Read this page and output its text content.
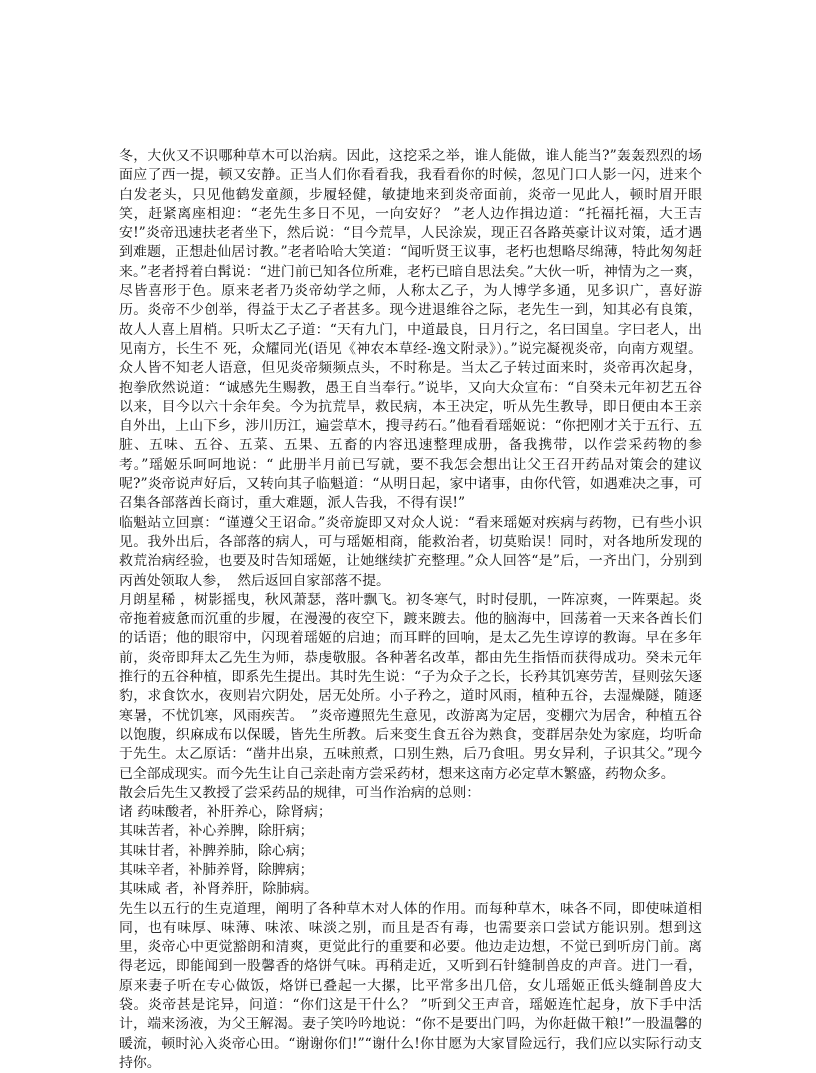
冬，大伙又不识哪种草木可以治病。因此，这挖采之举，谁人能做，谁人能当?”轰轰烈烈的场面应了西一提，顿又安静。正当人们你看看我，我看看你的时候，忽见门口人影一闪，进来个白发老头，只见他鹤发童颜，步履轻健，敏捷地来到炎帝面前，炎帝一见此人，顿时眉开眼笑，赶紧离座相迎：“老先生多日不见，一向安好？ ”老人边作揖边道：“托福托福，大王吉安!”炎帝迅速扶老者坐下，然后说：“目今荒旱，人民涂炭，现正召各路英豪计议对策，适才遇到难题，正想赴仙居讨教。”老者哈哈大笑道：“闻听贤王议事，老朽也想略尽绵薄，特此匆匆赶来。”老者捋着白髯说：“进门前已知各位所难，老朽已暗自思法矣。”大伙一听，神情为之一爽，尽皆喜形于色。原来老者乃炎帝幼学之师，人称太乙子，为人博学多通，见多识广，喜好游历。炎帝不少创举，得益于太乙子者甚多。现今进退维谷之际，老先生一到，知其必有良策，故人人喜上眉梢。只听太乙子道：“天有九门，中道最良，日月行之，名曰国皇。字曰老人，出见南方，长生不 死，众耀同光(语见《神农本草经-逸文附录》）。”说完凝视炎帝，向南方观望。众人皆不知老人语意，但见炎帝频频点头，不时称是。当太乙子转过面来时，炎帝再次起身，抱拳欣然说道：“诚感先生赐教，愚王自当奉行。”说毕，又向大众宣布：“自癸未元年初艺五谷以来，目今以六十余年矣。今为抗荒旱，救民病，本王决定，听从先生教导，即日便由本王亲自外出，上山下乡，涉川历江，遍尝草木，搜寻药石。”他看看瑶姬说：“你把刚才关于五行、五脏、五味、五谷、五菜、五果、五畜的内容迅速整理成册，备我携带，以作尝采药物的参考。”瑶姬乐呵呵地说：“ 此册半月前已写就，要不我怎会想出让父王召开药品对策会的建议呢?”炎帝说声好后，又转向其子临魁道：“从明日起，家中诸事，由你代管，如遇难决之事，可召集各部落酋长商讨，重大难题，派人告我，不得有误!”

临魁站立回禀：“谨遵父王诏命。”炎帝旋即又对众人说：“看来瑶姬对疾病与药物，已有些小识见。我外出后，各部落的病人，可与瑶姬相商，能救治者，切莫贻误！同时，对各地所发现的救荒治病经验，也要及时告知瑶姬，让她继续扩充整理。”众人回答“是”后，一齐出门，分别到丙酋处领取人参，　然后返回自家部落不提。

月朗星稀 ，树影摇曳，秋风萧瑟，落叶飘飞。初冬寒气，时时侵肌，一阵凉爽，一阵栗起。炎帝拖着疲惫而沉重的步履，在漫漫的夜空下，踱来踱去。他的脑海中，回荡着一天来各酋长们的话语；他的眼帘中，闪现着瑶姬的启迪；而耳畔的回响，是太乙先生谆谆的教诲。早在多年前，炎帝即拜太乙先生为师，恭虔敬服。各种著名改革，都由先生指悟而获得成功。癸未元年推行的五谷种植，即系先生提出。其时先生说：“子为众子之长，长矜其饥寒劳苦，昼则弦矢逐豹，求食饮水，夜则岩穴阴处，居无处所。小子矜之，道时风雨，植种五谷，去湿燥隧，随逐寒暑，不忧饥寒，风雨疾苦。　”炎帝遵照先生意见，改游离为定居，变棚穴为居舍，种植五谷以饱腹，织麻成布以保暖，皆先生所教。后来变生食五谷为熟食，变群居杂处为家庭，均听命于先生。太乙原话：“凿井出泉，五味煎煮，口别生熟，后乃食咀。男女异利，子识其父。”现今已全部成现实。而今先生让自己亲赴南方尝采药材，想来这南方必定草木繁盛，药物众多。

散会后先生又教授了尝采药品的规律，可当作治病的总则：

诸 药味酸者，补肝养心，除肾病；

其味苦者，补心养脾，除肝病；

其味甘者，补脾养肺，除心病；

其味辛者，补肺养肾，除脾病；

其味咸 者，补肾养肝，除肺病。

先生以五行的生克道理，阐明了各种草木对人体的作用。而每种草木，味各不同，即使味道相同，也有味厚、味薄、味浓、味淡之别，而且是否有毒，也需要亲口尝试方能识别。想到这里，炎帝心中更觉豁朗和清爽，更觉此行的重要和必要。他边走边想，不觉已到听房门前。离得老远，即能闻到一股馨香的烙饼气味。再稍走近，又听到石针缝制兽皮的声音。进门一看，原来妻子听在专心做饭，烙饼已叠起一大摞，比平常多出几倍，女儿瑶姬正低头缝制兽皮大袋。炎帝甚是诧异，问道：“你们这是干什么？ ”听到父王声音，瑶姬连忙起身，放下手中活 计，端来汤液，为父王解渴。妻子笑吟吟地说：“你不是要出门吗，为你赶做干粮!”一股温馨的暖流，顿时沁入炎帝心田。“谢谢你们!”“谢什么!你甘愿为大家冒险远行，我们应以实际行动支持你。
